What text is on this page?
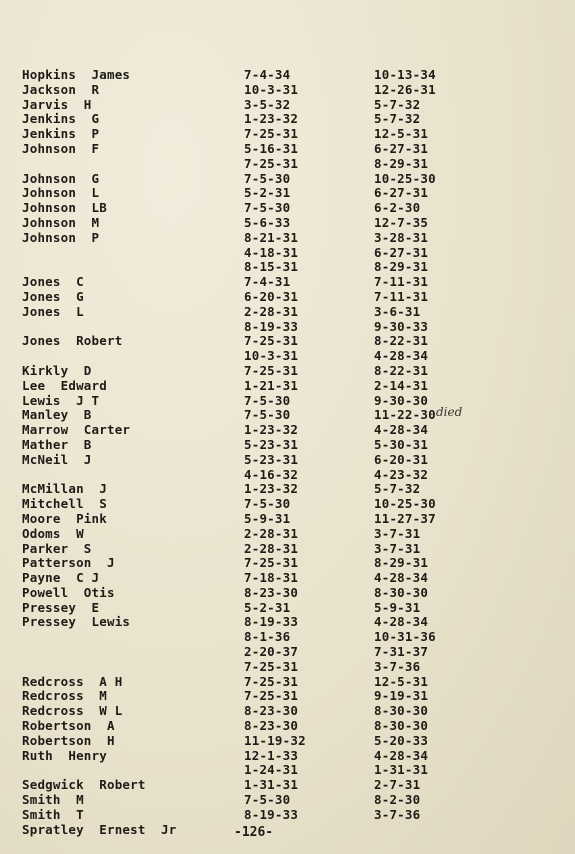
Hopkins  James
Jackson  R
Jarvis  H
Jenkins  G
Jenkins  P
Johnson  F
Johnson  G
Johnson  L
Johnson  LB
Johnson  M
Johnson  P
Jones  C
Jones  G
Jones  L
Jones  Robert
Kirkly  D
Lee  Edward
Lewis  J T
Manley  B
Marrow  Carter
Mather  B
McNeil  J
McMillan  J
Mitchell  S
Moore  Pink
Odoms  W
Parker  S
Patterson  J
Payne  C J
Powell  Otis
Pressey  E
Pressey  Lewis
Redcross  A H
Redcross  M
Redcross  W L
Robertson  A
Robertson  H
Ruth  Henry
Sedgwick  Robert
Smith  M
Smith  T
Spratley  Ernest  Jr
7-4-34
10-3-31
3-5-32
1-23-32
7-25-31
5-16-31
7-25-31
7-5-30
5-2-31
7-5-30
5-6-33
8-21-31
4-18-31
8-15-31
7-4-31
6-20-31
2-28-31
8-19-33
7-25-31
10-3-31
7-25-31
1-21-31
7-5-30
7-5-30
1-23-32
5-23-31
5-23-31
4-16-32
1-23-32
7-5-30
5-9-31
2-28-31
2-28-31
7-25-31
7-18-31
8-23-30
5-2-31
8-19-33
8-1-36
2-20-37
7-25-31
7-25-31
7-25-31
8-23-30
8-23-30
11-19-32
12-1-33
1-24-31
1-31-31
7-5-30
8-19-33
10-13-34
12-26-31
5-7-32
5-7-32
12-5-31
6-27-31
8-29-31
10-25-30
6-27-31
6-2-30
12-7-35
3-28-31
6-27-31
8-29-31
7-11-31
7-11-31
3-6-31
9-30-33
8-22-31
4-28-34
8-22-31
2-14-31
9-30-30
11-22-30
4-28-34
5-30-31
6-20-31
4-23-32
5-7-32
10-25-30
11-27-37
3-7-31
3-7-31
8-29-31
4-28-34
8-30-30
5-9-31
4-28-34
10-31-36
7-31-37
3-7-36
12-5-31
9-19-31
8-30-30
8-30-30
5-20-33
4-28-34
1-31-31
2-7-31
8-2-30
3-7-36
died
-126-
